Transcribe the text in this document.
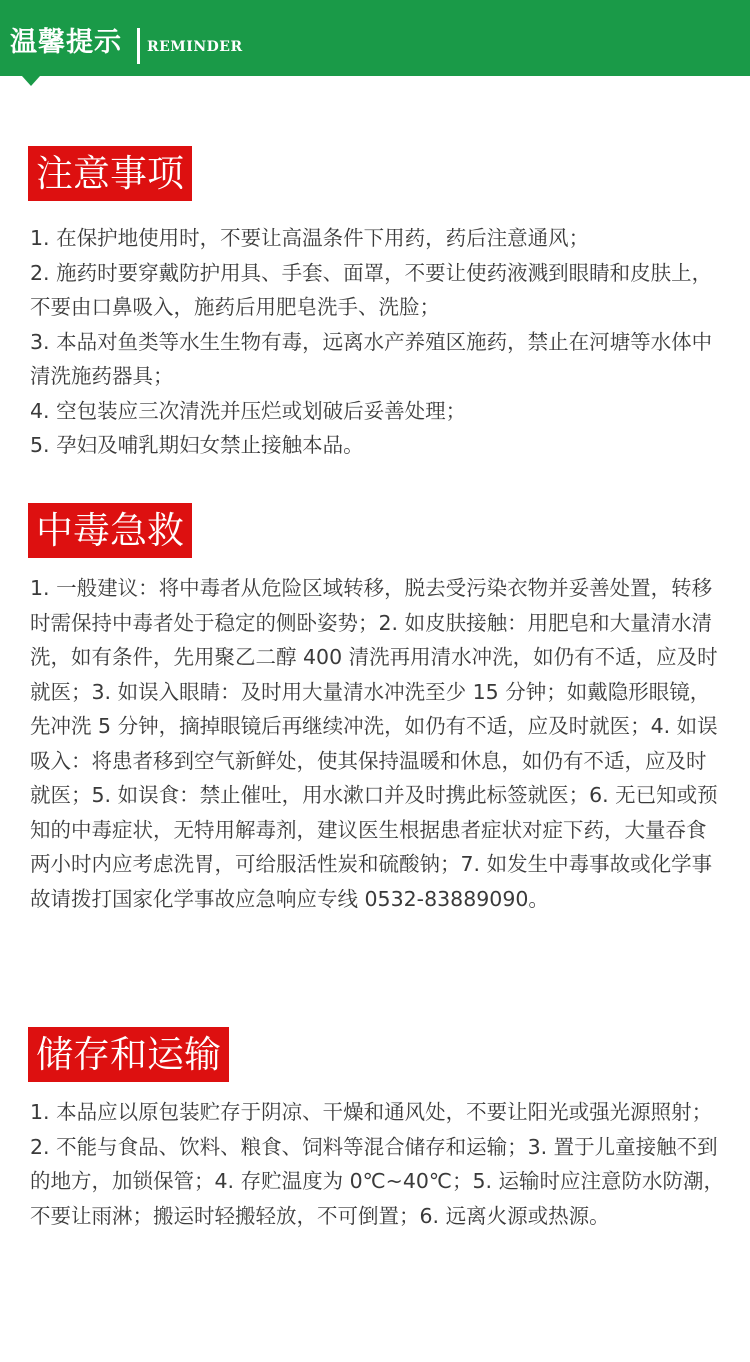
温馨提示 REMINDER
注意事项

1. 在保护地使用时，不要让高温条件下用药，药后注意通风；

2. 施药时要穿戴防护用具、手套、面罩，不要让使药液溅到眼睛和皮肤上，不要由口鼻吸入，施药后用肥皂洗手、洗脸；

3. 本品对鱼类等水生生物有毒，远离水产养殖区施药，禁止在河塘等水体中清洗施药器具；

4. 空包装应三次清洗并压烂或划破后妥善处理；

5. 孕妇及哺乳期妇女禁止接触本品。

中毒急救

1. 一般建议：将中毒者从危险区域转移，脱去受污染衣物并妥善处置，转移时需保持中毒者处于稳定的侧卧姿势；2. 如皮肤接触：用肥皂和大量清水清洗，如有条件，先用聚乙二醇 400 清洗再用清水冲洗，如仍有不适，应及时就医；3. 如误入眼睛：及时用大量清水冲洗至少 15 分钟；如戴隐形眼镜，先冲洗 5 分钟，摘掉眼镜后再继续冲洗，如仍有不适，应及时就医；4. 如误吸入：将患者移到空气新鲜处，使其保持温暖和休息，如仍有不适，应及时就医；5. 如误食：禁止催吐，用水漱口并及时携此标签就医；6. 无已知或预知的中毒症状，无特用解毒剂，建议医生根据患者症状对症下药，大量吞食两小时内应考虑洗胃，可给服活性炭和硫酸钠；7. 如发生中毒事故或化学事故请拨打国家化学事故应急响应专线 0532-83889090。

储存和运输

1. 本品应以原包装贮存于阴凉、干燥和通风处，不要让阳光或强光源照射；2. 不能与食品、饮料、粮食、饲料等混合储存和运输；3. 置于儿童接触不到的地方，加锁保管；4. 存贮温度为 0℃~40℃；5. 运输时应注意防水防潮，不要让雨淋；搬运时轻搬轻放，不可倒置；6. 远离火源或热源。
